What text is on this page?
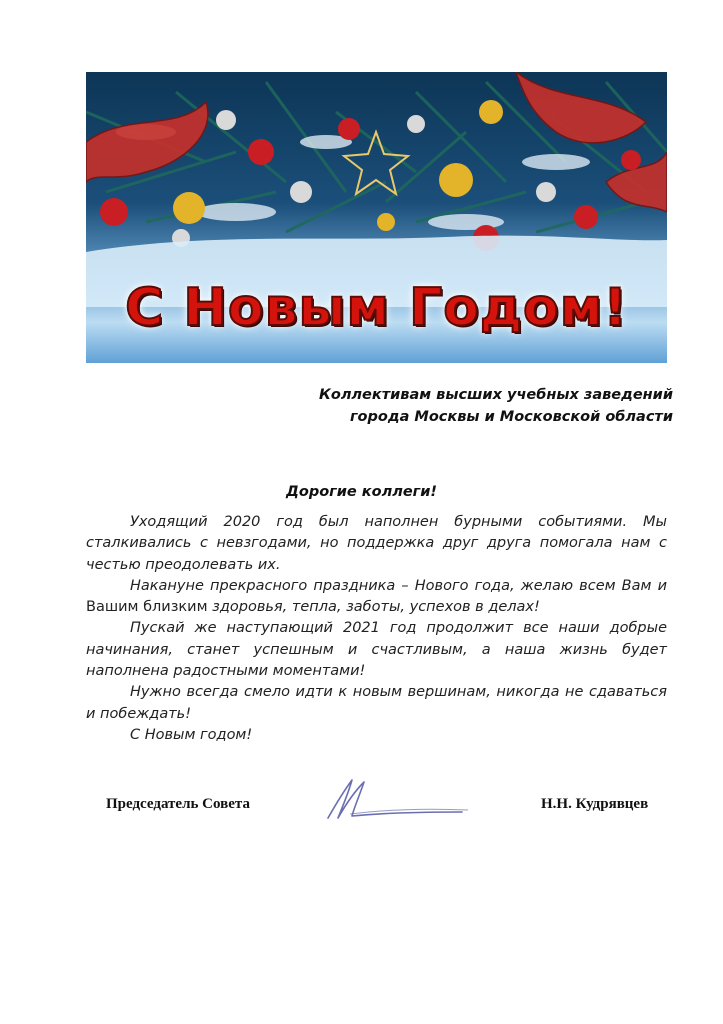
С Новым Годом!
Коллективам высших учебных заведений
города Москвы и Московской области
Дорогие коллеги!

Уходящий 2020 год был наполнен бурными событиями. Мы сталкивались с невзгодами, но поддержка друг друга помогала нам с честью преодолевать их.

Накануне прекрасного праздника – Нового года, желаю всем Вам и Вашим близким здоровья, тепла, заботы, успехов в делах!

Пускай же наступающий 2021 год продолжит все наши добрые начинания, станет успешным и счастливым, а наша жизнь будет наполнена радостными моментами!

Нужно всегда смело идти к новым вершинам, никогда не сдаваться и побеждать!

С Новым годом!

Председатель Совета	Н.Н. Кудрявцев
